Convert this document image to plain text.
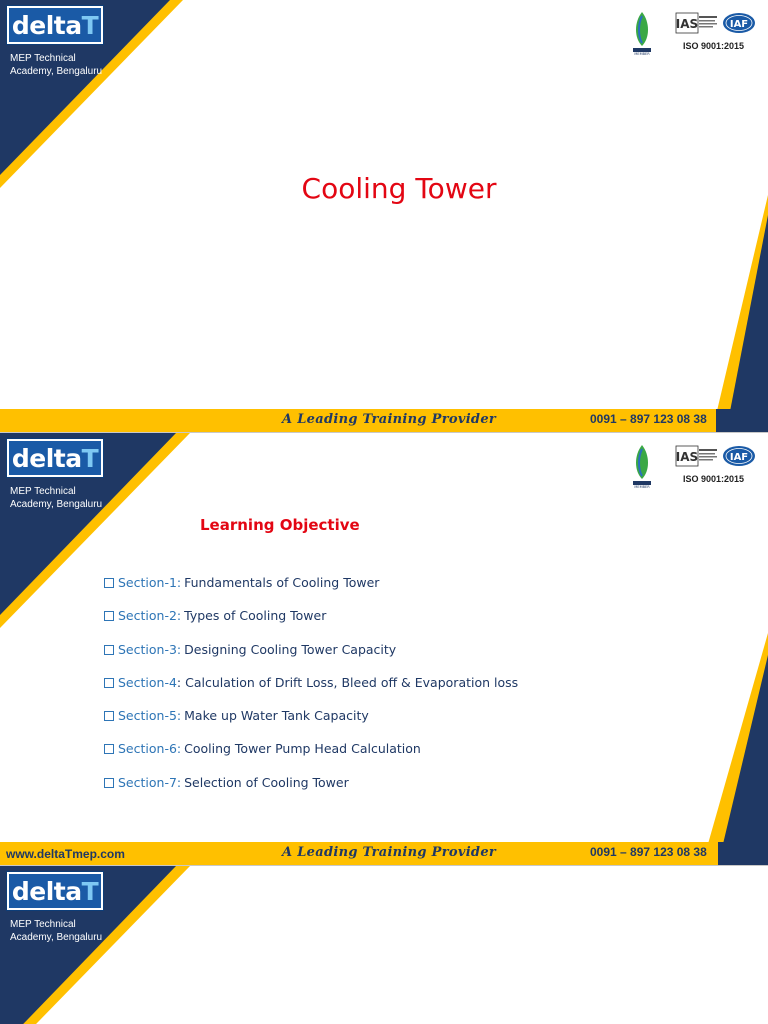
deltaT
MEP Technical
Academy, Bengaluru
MEMBER
IAS	IAF
ISO 9001:2015
Cooling Tower
A Leading Training Provider	0091 – 897 123 08 38
deltaT
MEP Technical
Academy, Bengaluru
MEMBER
IAS	IAF
ISO 9001:2015
Learning Objective
Section-1: Fundamentals of Cooling Tower
Section-2: Types of Cooling Tower
Section-3: Designing Cooling Tower Capacity
Section-4 : Calculation of Drift Loss, Bleed off & Evaporation loss
Section-5: Make up Water Tank Capacity
Section-6: Cooling Tower Pump Head Calculation
Section-7: Selection of Cooling Tower
www.deltaTmep.com	A Leading Training Provider	0091 – 897 123 08 38
deltaT
MEP Technical
Academy, Bengaluru
